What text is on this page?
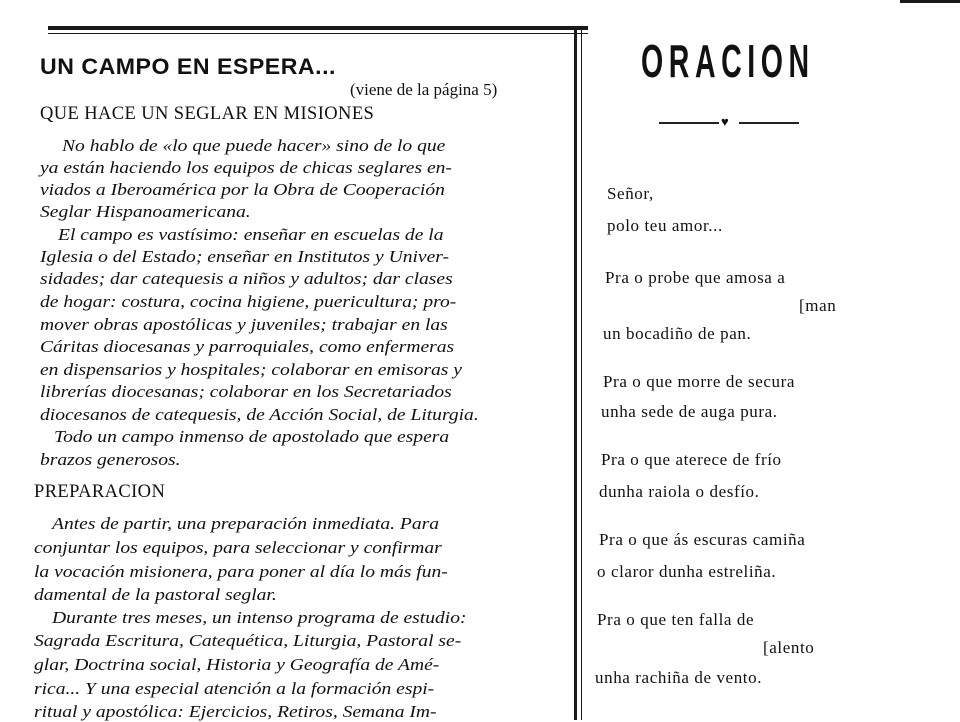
UN CAMPO EN ESPERA...
(viene de la página 5)
QUE HACE UN SEGLAR EN MISIONES
No hablo de «lo que puede hacer» sino de lo que
ya están haciendo los equipos de chicas seglares en-
viados a Iberoamérica por la Obra de Cooperación
Seglar Hispanoamericana.
El campo es vastísimo: enseñar en escuelas de la
Iglesia o del Estado; enseñar en Institutos y Univer-
sidades; dar catequesis a niños y adultos; dar clases
de hogar: costura, cocina higiene, puericultura; pro-
mover obras apostólicas y juveniles; trabajar en las
Cáritas diocesanas y parroquiales, como enfermeras
en dispensarios y hospitales; colaborar en emisoras y
librerías diocesanas; colaborar en los Secretariados
diocesanos de catequesis, de Acción Social, de Liturgia.
Todo un campo inmenso de apostolado que espera
brazos generosos.
PREPARACION
Antes de partir, una preparación inmediata. Para
conjuntar los equipos, para seleccionar y confirmar
la vocación misionera, para poner al día lo más fun-
damental de la pastoral seglar.
Durante tres meses, un intenso programa de estudio:
Sagrada Escritura, Catequética, Liturgia, Pastoral se-
glar, Doctrina social, Historia y Geografía de Amé-
rica... Y una especial atención a la formación espi-
ritual y apostólica: Ejercicios, Retiros, Semana Im-
ORACION
♥
Señor,
polo teu amor...
Pra o probe que amosa a
[man
un bocadiño de pan.
Pra o que morre de secura
unha sede de auga pura.
Pra o que aterece de frío
dunha raiola o desfío.
Pra o que ás escuras camiña
o claror dunha estreliña.
Pra o que ten falla de
[alento
unha rachiña de vento.
